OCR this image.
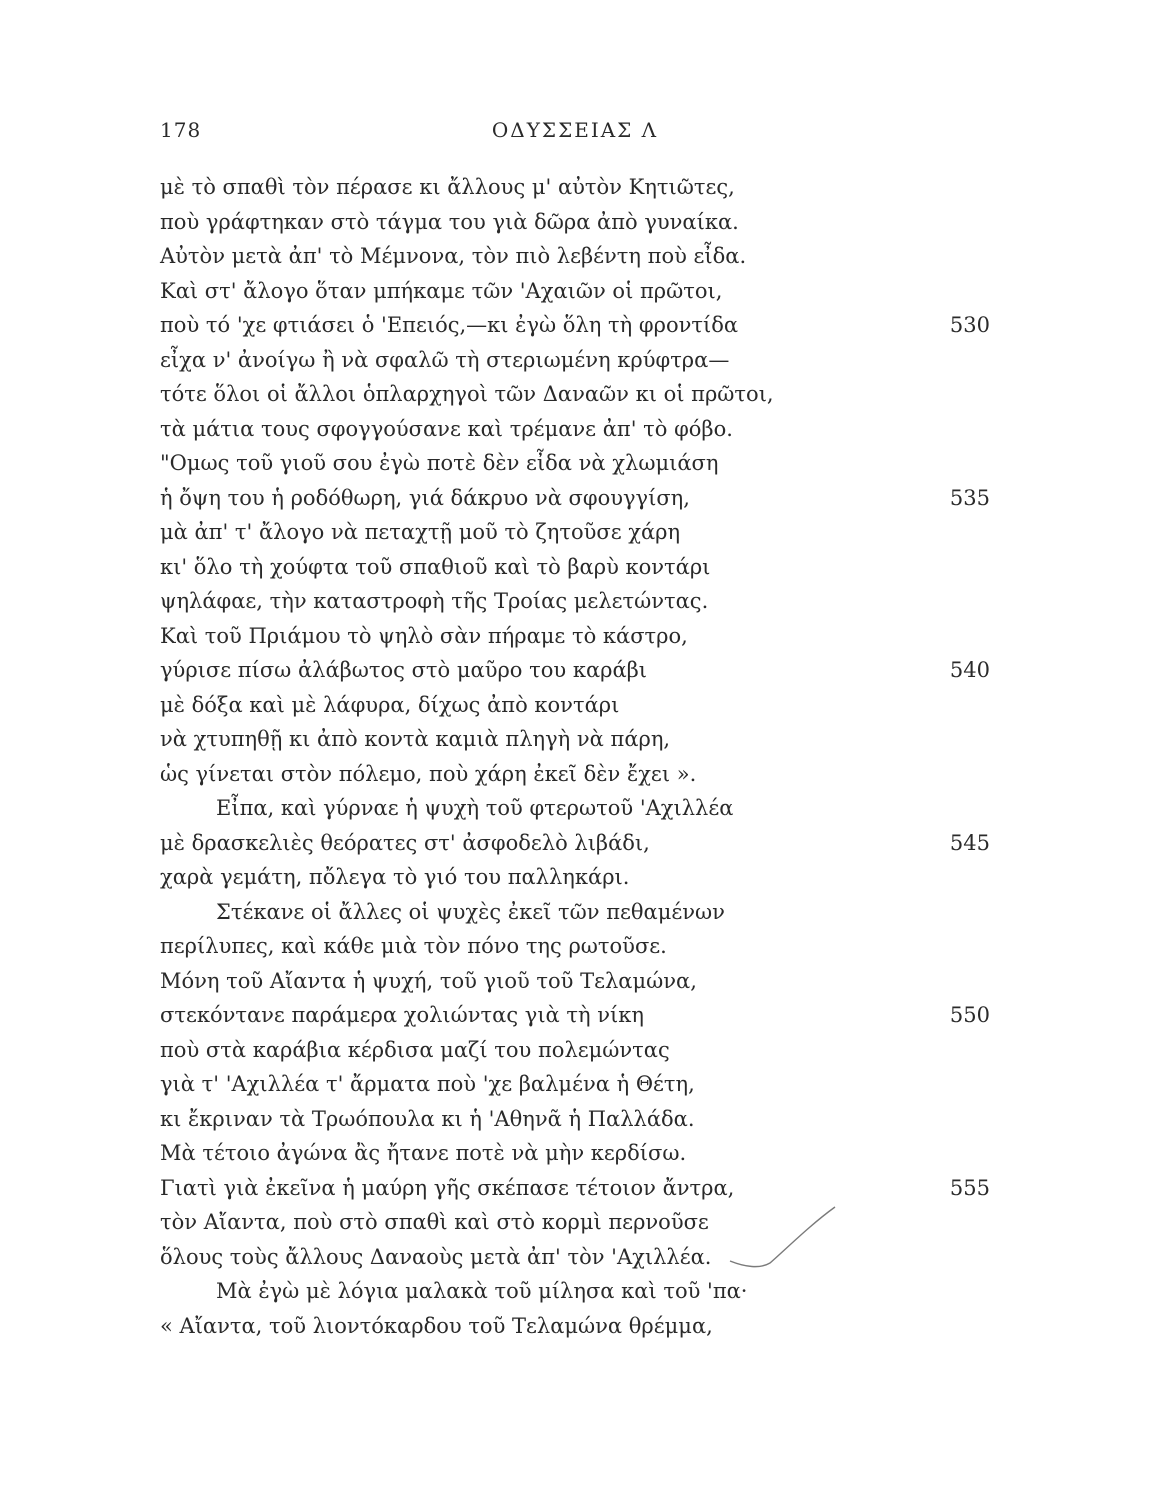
178	ΟΔΥΣΣΕΙΑΣ Λ
μὲ τὸ σπαθὶ τὸν πέρασε κι ἄλλους μ' αὐτὸν Κητιῶτες,
ποὺ γράφτηκαν στὸ τάγμα του γιὰ δῶρα ἀπὸ γυναίκα.
Αὐτὸν μετὰ ἀπ' τὸ Μέμνονα, τὸν πιὸ λεβέντη ποὺ εἶδα.
Καὶ στ' ἄλογο ὅταν μπήκαμε τῶν 'Αχαιῶν οἱ πρῶτοι,
ποὺ τό 'χε φτιάσει ὁ 'Επειός,—κι ἐγὼ ὅλη τὴ φροντίδα	530
εἶχα ν' ἀνοίγω ἢ νὰ σφαλῶ τὴ στεριωμένη κρύφτρα—
τότε ὅλοι οἱ ἄλλοι ὁπλαρχηγοὶ τῶν Δαναῶν κι οἱ πρῶτοι,
τὰ μάτια τους σφογγούσανε καὶ τρέμανε ἀπ' τὸ φόβο.
"Ομως τοῦ γιοῦ σου ἐγὼ ποτὲ δὲν εἶδα νὰ χλωμιάση
ἡ ὄψη του ἡ ροδόθωρη, γιά δάκρυο νὰ σφουγγίση,	535
μὰ ἀπ' τ' ἄλογο νὰ πεταχτῇ μοῦ τὸ ζητοῦσε χάρη
κι' ὅλο τὴ χούφτα τοῦ σπαθιοῦ καὶ τὸ βαρὺ κοντάρι
ψηλάφαε, τὴν καταστροφὴ τῆς Τροίας μελετώντας.
Καὶ τοῦ Πριάμου τὸ ψηλὸ σὰν πήραμε τὸ κάστρο,
γύρισε πίσω ἀλάβωτος στὸ μαῦρο του καράβι	540
μὲ δόξα καὶ μὲ λάφυρα, δίχως ἀπὸ κοντάρι
νὰ χτυπηθῇ κι ἀπὸ κοντὰ καμιὰ πληγὴ νὰ πάρη,
ὡς γίνεται στὸν πόλεμο, ποὺ χάρη ἐκεῖ δὲν ἔχει ».
Εἶπα, καὶ γύρναε ἡ ψυχὴ τοῦ φτερωτοῦ 'Αχιλλέα
μὲ δρασκελιὲς θεόρατες στ' ἀσφοδελὸ λιβάδι,	545
χαρὰ γεμάτη, πὄλεγα τὸ γιό του παλληκάρι.
Στέκανε οἱ ἄλλες οἱ ψυχὲς ἐκεῖ τῶν πεθαμένων
περίλυπες, καὶ κάθε μιὰ τὸν πόνο της ρωτοῦσε.
Μόνη τοῦ Αἴαντα ἡ ψυχή, τοῦ γιοῦ τοῦ Τελαμώνα,
στεκόντανε παράμερα χολιώντας γιὰ τὴ νίκη	550
ποὺ στὰ καράβια κέρδισα μαζί του πολεμώντας
γιὰ τ' 'Αχιλλέα τ' ἄρματα ποὺ 'χε βαλμένα ἡ Θέτη,
κι ἔκριναν τὰ Τρωόπουλα κι ἡ 'Αθηνᾶ ἡ Παλλάδα.
Μὰ τέτοιο ἀγώνα ἂς ἤτανε ποτὲ νὰ μὴν κερδίσω.
Γιατὶ γιὰ ἐκεῖνα ἡ μαύρη γῆς σκέπασε τέτοιον ἄντρα,	555
τὸν Αἴαντα, ποὺ στὸ σπαθὶ καὶ στὸ κορμὶ περνοῦσε
ὅλους τοὺς ἄλλους Δαναοὺς μετὰ ἀπ' τὸν 'Αχιλλέα.
Μὰ ἐγὼ μὲ λόγια μαλακὰ τοῦ μίλησα καὶ τοῦ 'πα·
« Αἴαντα, τοῦ λιοντόκαρδου τοῦ Τελαμώνα θρέμμα,
